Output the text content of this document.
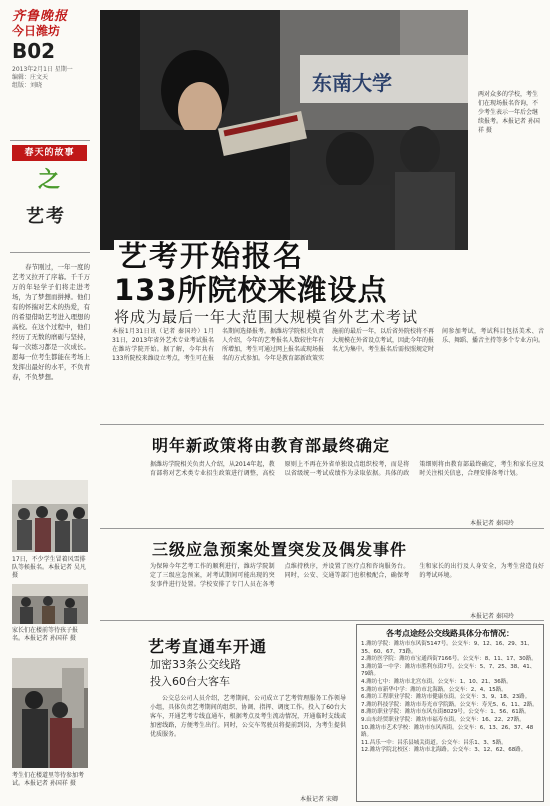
齐鲁晚报
今日潍坊
B02
2013年2月1日 星期一
编辑：庄文天
组版：刘晓
春天的故事
之
艺考
春节刚过，一年一度的艺考又拉开了序幕。千千万万的年轻学子们将走进考场，为了梦想而拼搏。他们有的怀揣对艺术的热爱，有的希望借助艺考进入理想的高校。在这个过程中，他们经历了无数的磨砺与坚持，每一次练习都是一次成长。愿每一位考生都能在考场上发挥出最好的水平，不负青春，不负梦想。
17日，不少学生冒着风雪排队等候报名。本报记者 吴凡 摄
家长们在楼前等待孩子报名。本报记者 孙国祥 摄
考生们在楼道里等待参加考试。本报记者 孙国祥 摄
东南大学	两对众多的学校，考生们在现场报名咨询，不少考生表示一年后会继续报考。本报记者 孙国祥 摄
艺考开始报名
133所院校来潍设点
将成为最后一年大范围大规模省外艺术考试
本报1月31日讯（记者 秦国玲）1月31日，2013年省外艺术专业考试报名在潍坊学院开始。据了解，今年共有133所院校来潍设立考点，考生可在报名期间选择报考。据潍坊学院相关负责人介绍，今年的艺考报名人数较往年有所增加，考生可通过网上报名或现场报名的方式参加。今年是教育部新政策实施前的最后一年，以后省外院校将不再大规模在外省设点考试，因此今年的报名尤为集中。考生报名后需按照规定时间参加考试，考试科目包括美术、音乐、舞蹈、播音主持等多个专业方向。
明年新政策将由教育部最终确定
据潍坊学院相关负责人介绍，从2014年起，教育部将对艺术类专业招生政策进行调整，高校原则上不再在外省单独设点组织校考，而是将以省级统一考试成绩作为录取依据。具体的政策细则将由教育部最终确定，考生和家长应及时关注相关信息，合理安排备考计划。
本报记者 秦国玲
三级应急预案处置突发及偶发事件
为保障今年艺考工作的顺利进行，潍坊学院制定了三级应急预案，对考试期间可能出现的突发事件进行处置。学校安排了专门人员在各考点维持秩序，并设置了医疗点和咨询服务台。同时，公安、交通等部门也积极配合，确保考生和家长的出行及人身安全，为考生营造良好的考试环境。
本报记者 秦国玲
艺考直通车开通
加密33条公交线路
投入60台大客车
公交总公司人员介绍，艺考期间，公司成立了艺考管理服务工作领导小组，具体负责艺考期间的组织、协调、指挥、调度工作。投入了60台大客车，开通艺考专线直通车，根据考点及考生流动情况，开通临时支线或加密线路，方便考生出行。同时，公交车驾驶员将提前到岗，为考生提供优质服务。
本报记者 宋卿
各考点途经公交线路具体分布情况：
1.潍坊学院：潍坊市东风街5147号。公交车：9、12、16、29、31、35、60、67、73路。
2.潍坊医学院：潍坊市宝通西街7166号。公交车：8、11、17、30路。
3.潍坊第一中学：潍坊市胜利东街7号。公交车：5、7、25、38、41、79路。
4.潍坊七中：潍坊市北宫东街。公交车：1、10、21、36路。
5.潍坊市新华中学：潍坊市北海路。公交车：2、4、15路。
6.潍坊工程职业学院：潍坊市健康东街。公交车：3、9、18、23路。
7.潍坊科技学院：潍坊市寿光市学院路。公交车：寿光5、6、11、2路。
8.潍坊职业学院：潍坊市东风东街8029号。公交车：1、56、61路。
9.山东经贸职业学院：潍坊市福寿东街。公交车：16、22、27路。
10.潍坊市艺术学校：潍坊市东风西街。公交车：6、13、26、37、48路。
11.昌乐一中：昌乐县城关街道。公交车：昌乐1、3、5路。
12.潍坊学院北校区：潍坊市北海路。公交车：3、12、62、68路。
